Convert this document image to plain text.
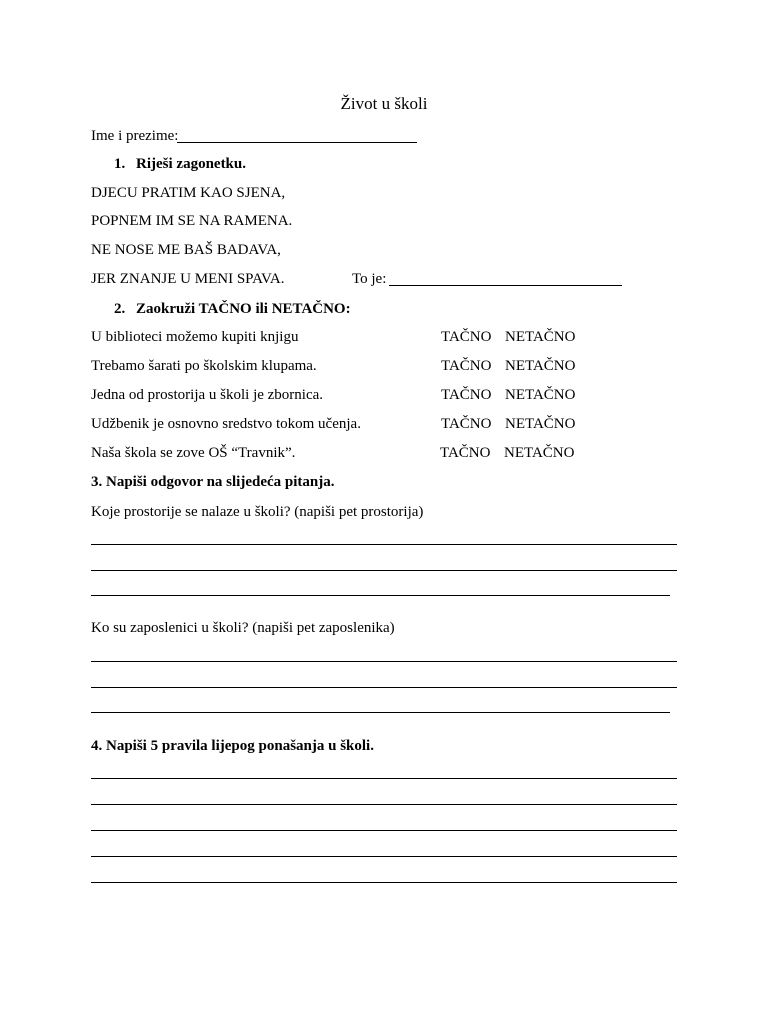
Život u školi
Ime i prezime:
1. Riješi zagonetku.
DJECU PRATIM KAO SJENA,
POPNEM IM SE NA RAMENA.
NE NOSE ME BAŠ BADAVA,
JER ZNANJE U MENI SPAVA.	To je:
2. Zaokruži TAČNO ili NETAČNO:
U biblioteci možemo kupiti knjigu	TAČNO NETAČNO
Trebamo šarati po školskim klupama.	TAČNO NETAČNO
Jedna od prostorija u školi je zbornica.	TAČNO NETAČNO
Udžbenik je osnovno sredstvo tokom učenja.	TAČNO NETAČNO
Naša škola se zove OŠ “Travnik”.	TAČNO NETAČNO
3. Napiši odgovor na slijedeća pitanja.
Koje prostorije se nalaze u školi? (napiši pet prostorija)
Ko su zaposlenici u školi? (napiši pet zaposlenika)
4. Napiši 5 pravila lijepog ponašanja u školi.
